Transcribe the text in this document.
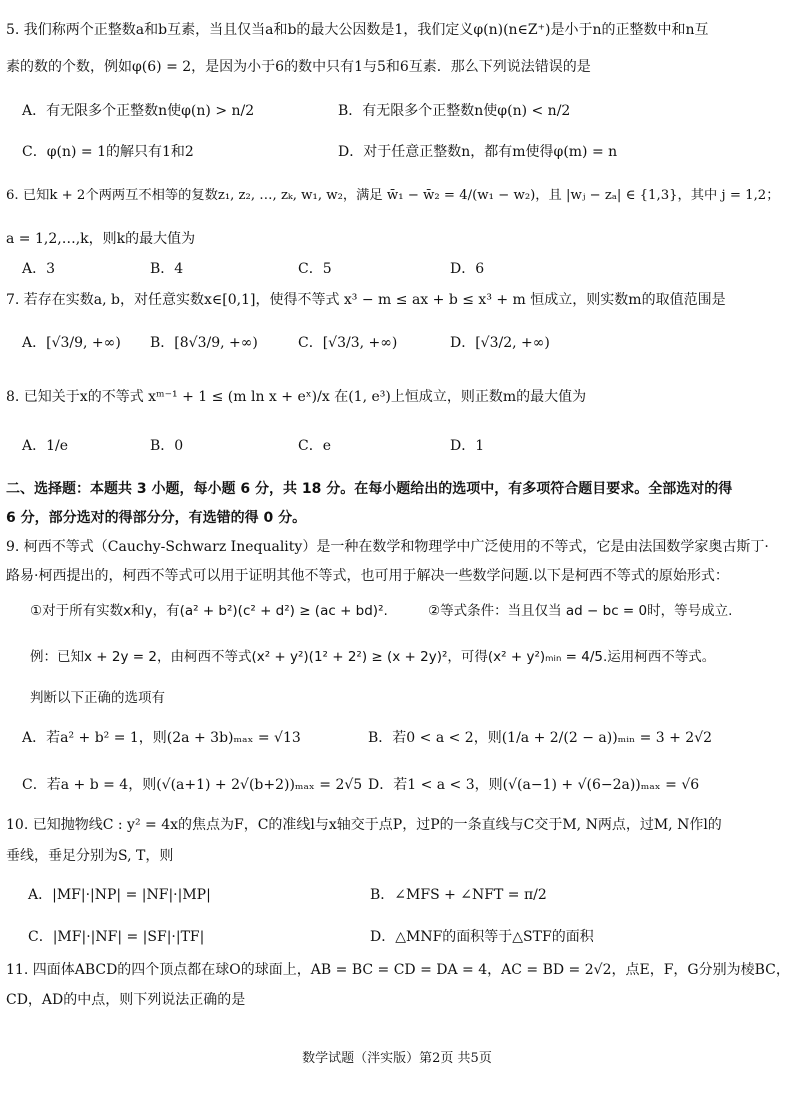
5. 我们称两个正整数a和b互素，当且仅当a和b的最大公因数是1，我们定义φ(n)(n∈Z⁺)是小于n的正整数中和n互
素的数的个数，例如φ(6) = 2，是因为小于6的数中只有1与5和6互素．那么下列说法错误的是
A．有无限多个正整数n使φ(n) > n/2	B．有无限多个正整数n使φ(n) < n/2
C．φ(n) = 1的解只有1和2	D．对于任意正整数n，都有m使得φ(m) = n
6. 已知k + 2个两两互不相等的复数z₁, z₂, …, zₖ, w₁, w₂，满足 w̄₁ − w̄₂ = 4/(w₁ − w₂)，且 |wⱼ − zₐ| ∈ {1,3}，其中 j = 1,2；
a = 1,2,…,k，则k的最大值为
A．3	B．4	C．5	D．6
7. 若存在实数a, b，对任意实数x∈[0,1]，使得不等式 x³ − m ≤ ax + b ≤ x³ + m 恒成立，则实数m的取值范围是
A．[√3/9, +∞) B．[8√3/9, +∞)	C．[√3/3, +∞)	D．[√3/2, +∞)
8. 已知关于x的不等式 xᵐ⁻¹ + 1 ≤ (m ln x + eˣ)/x 在(1, e³)上恒成立，则正数m的最大值为
A．1/e	B．0	C．e	D．1
二、选择题：本题共 3 小题，每小题 6 分，共 18 分。在每小题给出的选项中，有多项符合题目要求。全部选对的得
6 分，部分选对的得部分分，有选错的得 0 分。
9. 柯西不等式（Cauchy-Schwarz Inequality）是一种在数学和物理学中广泛使用的不等式，它是由法国数学家奥古斯丁·
路易·柯西提出的，柯西不等式可以用于证明其他不等式，也可用于解决一些数学问题.以下是柯西不等式的原始形式：
①对于所有实数x和y，有(a² + b²)(c² + d²) ≥ (ac + bd)².	②等式条件：当且仅当 ad − bc = 0时，等号成立.
例：已知x + 2y = 2，由柯西不等式(x² + y²)(1² + 2²) ≥ (x + 2y)²，可得(x² + y²)ₘᵢₙ = 4/5.运用柯西不等式。
判断以下正确的选项有
A．若a² + b² = 1，则(2a + 3b)ₘₐₓ = √13	B．若0 < a < 2，则(1/a + 2/(2 − a))ₘᵢₙ = 3 + 2√2
C．若a + b = 4，则(√(a+1) + 2√(b+2))ₘₐₓ = 2√5 D．若1 < a < 3，则(√(a−1) + √(6−2a))ₘₐₓ = √6
10. 已知抛物线C : y² = 4x的焦点为F，C的准线l与x轴交于点P，过P的一条直线与C交于M, N两点，过M, N作l的
垂线，垂足分别为S, T，则
A．|MF|·|NP| = |NF|·|MP|	B．∠MFS + ∠NFT = π/2
C．|MF|·|NF| = |SF|·|TF|	D．△MNF的面积等于△STF的面积
11. 四面体ABCD的四个顶点都在球O的球面上，AB = BC = CD = DA = 4，AC = BD = 2√2，点E，F，G分别为棱BC，
CD，AD的中点，则下列说法正确的是
数学试题（泮实版）第2页 共5页
